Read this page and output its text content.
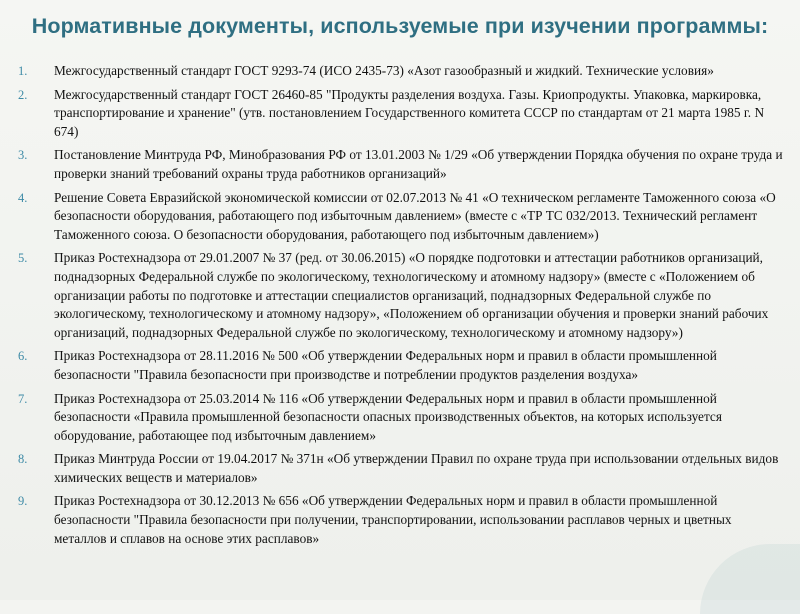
Нормативные документы, используемые при изучении программы:
1.	Межгосударственный стандарт ГОСТ 9293-74 (ИСО 2435-73) «Азот газообразный и жидкий. Технические условия»
2.	Межгосударственный стандарт ГОСТ 26460-85 "Продукты разделения воздуха. Газы. Криопродукты. Упаковка, маркировка, транспортирование и хранение" (утв. постановлением Государственного комитета СССР по стандартам от 21 марта 1985 г. N 674)
3.	Постановление Минтруда РФ, Минобразования РФ от 13.01.2003 № 1/29 «Об утверждении Порядка обучения по охране труда и проверки знаний требований охраны труда работников организаций»
4.	Решение Совета Евразийской экономической комиссии от 02.07.2013 № 41 «О техническом регламенте Таможенного союза «О безопасности оборудования, работающего под избыточным давлением» (вместе с «ТР ТС 032/2013. Технический регламент Таможенного союза. О безопасности оборудования, работающего под избыточным давлением»)
5.	Приказ Ростехнадзора от 29.01.2007 № 37 (ред. от 30.06.2015) «О порядке подготовки и аттестации работников организаций, поднадзорных Федеральной службе по экологическому, технологическому и атомному надзору» (вместе с «Положением об организации работы по подготовке и аттестации специалистов организаций, поднадзорных Федеральной службе по экологическому, технологическому и атомному надзору», «Положением об организации обучения и проверки знаний рабочих организаций, поднадзорных Федеральной службе по экологическому, технологическому и атомному надзору»)
6.	Приказ Ростехнадзора от 28.11.2016 № 500 «Об утверждении Федеральных норм и правил в области промышленной безопасности "Правила безопасности при производстве и потреблении продуктов разделения воздуха»
7.	Приказ Ростехнадзора от 25.03.2014 № 116 «Об утверждении Федеральных норм и правил в области промышленной безопасности «Правила промышленной безопасности опасных производственных объектов, на которых используется оборудование, работающее под избыточным давлением»
8.	Приказ Минтруда России от 19.04.2017 № 371н «Об утверждении Правил по охране труда при использовании отдельных видов химических веществ и материалов»
9.	Приказ Ростехнадзора от 30.12.2013 № 656 «Об утверждении Федеральных норм и правил в области промышленной безопасности "Правила безопасности при получении, транспортировании, использовании расплавов черных и цветных металлов и сплавов на основе этих расплавов»
